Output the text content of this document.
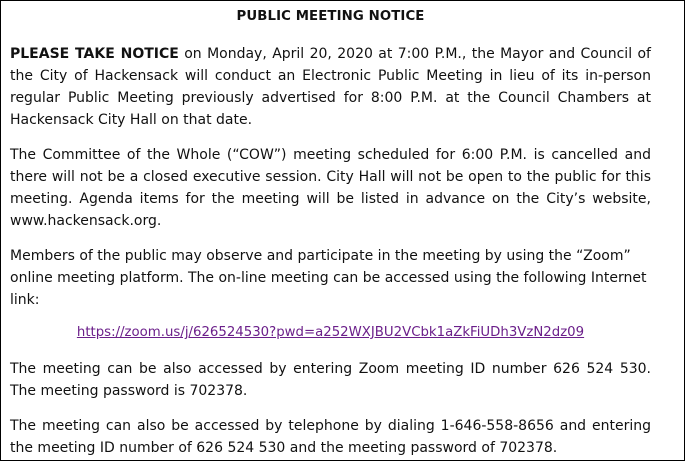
PUBLIC MEETING NOTICE

PLEASE TAKE NOTICE on Monday, April 20, 2020 at 7:00 P.M., the Mayor and Council of the City of Hackensack will conduct an Electronic Public Meeting in lieu of its in-person regular Public Meeting previously advertised for 8:00 P.M. at the Council Chambers at Hackensack City Hall on that date.

The Committee of the Whole (“COW”) meeting scheduled for 6:00 P.M. is cancelled and there will not be a closed executive session. City Hall will not be open to the public for this meeting. Agenda items for the meeting will be listed in advance on the City’s website, www.hackensack.org.

Members of the public may observe and participate in the meeting by using the “Zoom” online meeting platform. The on-line meeting can be accessed using the following Internet link:

https://zoom.us/j/626524530?pwd=a252WXJBU2VCbk1aZkFiUDh3VzN2dz09

The meeting can be also accessed by entering Zoom meeting ID number 626 524 530. The meeting password is 702378.

The meeting can also be accessed by telephone by dialing 1-646-558-8656 and entering the meeting ID number of 626 524 530 and the meeting password of 702378.
